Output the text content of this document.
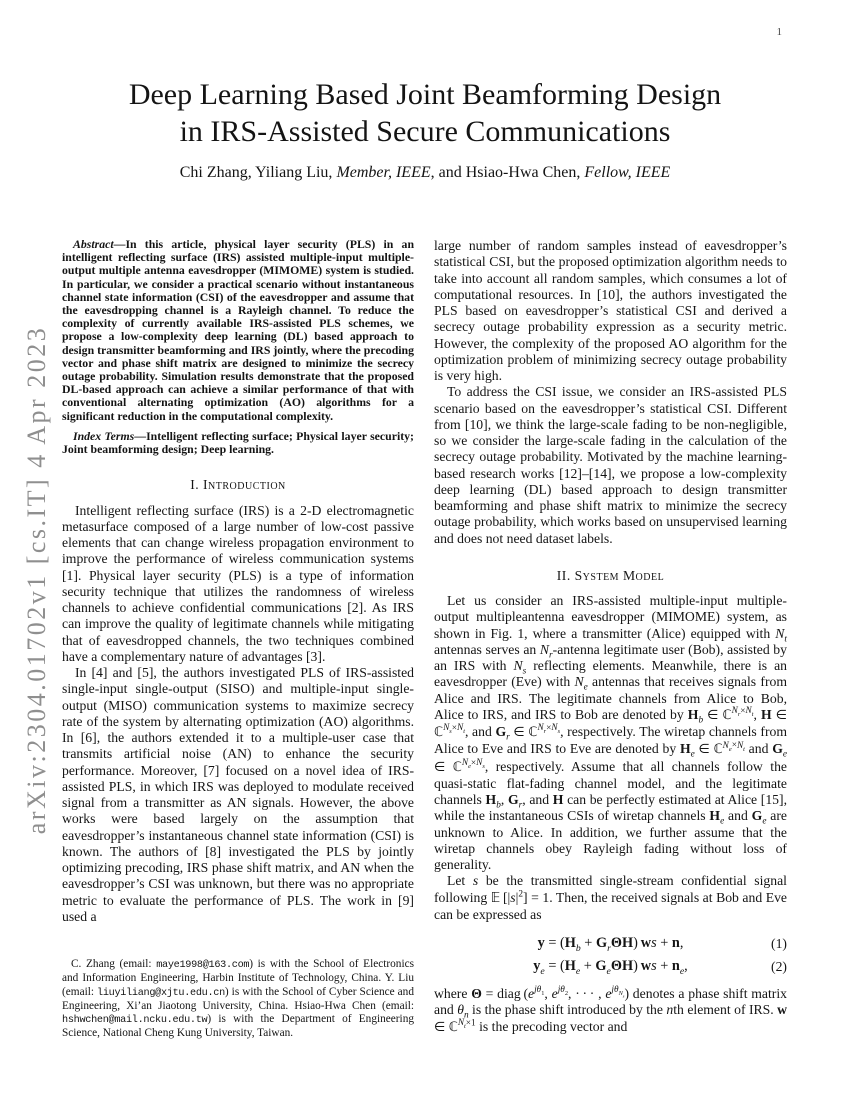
arXiv:2304.01702v1 [cs.IT] 4 Apr 2023
1
Deep Learning Based Joint Beamforming Design
in IRS-Assisted Secure Communications
Chi Zhang, Yiliang Liu, Member, IEEE, and Hsiao-Hwa Chen, Fellow, IEEE

Abstract—In this article, physical layer security (PLS) in an intelligent reflecting surface (IRS) assisted multiple-input multiple-output multiple antenna eavesdropper (MIMOME) system is studied. In particular, we consider a practical scenario without instantaneous channel state information (CSI) of the eavesdropper and assume that the eavesdropping channel is a Rayleigh channel. To reduce the complexity of currently available IRS-assisted PLS schemes, we propose a low-complexity deep learning (DL) based approach to design transmitter beamforming and IRS jointly, where the precoding vector and phase shift matrix are designed to minimize the secrecy outage probability. Simulation results demonstrate that the proposed DL-based approach can achieve a similar performance of that with conventional alternating optimization (AO) algorithms for a significant reduction in the computational complexity.

Index Terms—Intelligent reflecting surface; Physical layer security; Joint beamforming design; Deep learning.

I. Introduction

Intelligent reflecting surface (IRS) is a 2-D electromagnetic metasurface composed of a large number of low-cost passive elements that can change wireless propagation environment to improve the performance of wireless communication systems [1]. Physical layer security (PLS) is a type of information security technique that utilizes the randomness of wireless channels to achieve confidential communications [2]. As IRS can improve the quality of legitimate channels while mitigating that of eavesdropped channels, the two techniques combined have a complementary nature of advantages [3].

In [4] and [5], the authors investigated PLS of IRS-assisted single-input single-output (SISO) and multiple-input single-output (MISO) communication systems to maximize secrecy rate of the system by alternating optimization (AO) algorithms. In [6], the authors extended it to a multiple-user case that transmits artificial noise (AN) to enhance the security performance. Moreover, [7] focused on a novel idea of IRS-assisted PLS, in which IRS was deployed to modulate received signal from a transmitter as AN signals. However, the above works were based largely on the assumption that eavesdropper’s instantaneous channel state information (CSI) is known. The authors of [8] investigated the PLS by jointly optimizing precoding, IRS phase shift matrix, and AN when the eavesdropper’s CSI was unknown, but there was no appropriate metric to evaluate the performance of PLS. The work in [9] used a

C. Zhang (email: maye1998@163.com) is with the School of Electronics and Information Engineering, Harbin Institute of Technology, China. Y. Liu (email: liuyiliang@xjtu.edu.cn) is with the School of Cyber Science and Engineering, Xi’an Jiaotong University, China. Hsiao-Hwa Chen (email: hshwchen@mail.ncku.edu.tw) is with the Department of Engineering Science, National Cheng Kung University, Taiwan.

large number of random samples instead of eavesdropper’s statistical CSI, but the proposed optimization algorithm needs to take into account all random samples, which consumes a lot of computational resources. In [10], the authors investigated the PLS based on eavesdropper’s statistical CSI and derived a secrecy outage probability expression as a security metric. However, the complexity of the proposed AO algorithm for the optimization problem of minimizing secrecy outage probability is very high.

To address the CSI issue, we consider an IRS-assisted PLS scenario based on the eavesdropper’s statistical CSI. Different from [10], we think the large-scale fading to be non-negligible, so we consider the large-scale fading in the calculation of the secrecy outage probability. Motivated by the machine learning-based research works [12]–[14], we propose a low-complexity deep learning (DL) based approach to design transmitter beamforming and phase shift matrix to minimize the secrecy outage probability, which works based on unsupervised learning and does not need dataset labels.

II. System Model

Let us consider an IRS-assisted multiple-input multiple-output multipleantenna eavesdropper (MIMOME) system, as shown in Fig. 1, where a transmitter (Alice) equipped with $N_t$ antennas serves an $N_r$-antenna legitimate user (Bob), assisted by an IRS with $N_s$ reflecting elements. Meanwhile, there is an eavesdropper (Eve) with $N_e$ antennas that receives signals from Alice and IRS. The legitimate channels from Alice to Bob, Alice to IRS, and IRS to Bob are denoted by $H_b$ ∈ ℂ$^{N_r\times N_t}$, H ∈ ℂ$^{N_s\times N_t}$, and $G_r$ ∈ ℂ$^{N_r\times N_s}$, respectively. The wiretap channels from Alice to Eve and IRS to Eve are denoted by $H_e$ ∈ ℂ$^{N_e\times N_t}$ and $G_e$ ∈ ℂ$^{N_e\times N_s}$, respectively. Assume that all channels follow the quasi-static flat-fading channel model, and the legitimate channels $H_b$, $G_r$, and H can be perfectly estimated at Alice [15], while the instantaneous CSIs of wiretap channels $H_e$ and $G_e$ are unknown to Alice. In addition, we further assume that the wiretap channels obey Rayleigh fading without loss of generality.

Let s be the transmitted single-stream confidential signal following 𝔼 $[|s|^2] = 1$. Then, the received signals at Bob and Eve can be expressed as

$y = (H_b + G_r\Theta H)$ ws + n,	(1)
$y_e = (H_e + G_e\Theta H)$ ws + $n_e$,	(2)

where Θ = diag ($e^{j\theta_1}$, $e^{j\theta_2}$, · · · , $e^{j\theta_{N_s}}$) denotes a phase shift matrix and $\theta_n$ is the phase shift introduced by the nth element of IRS. w ∈ ℂ$^{N_t\times 1}$ is the precoding vector and
